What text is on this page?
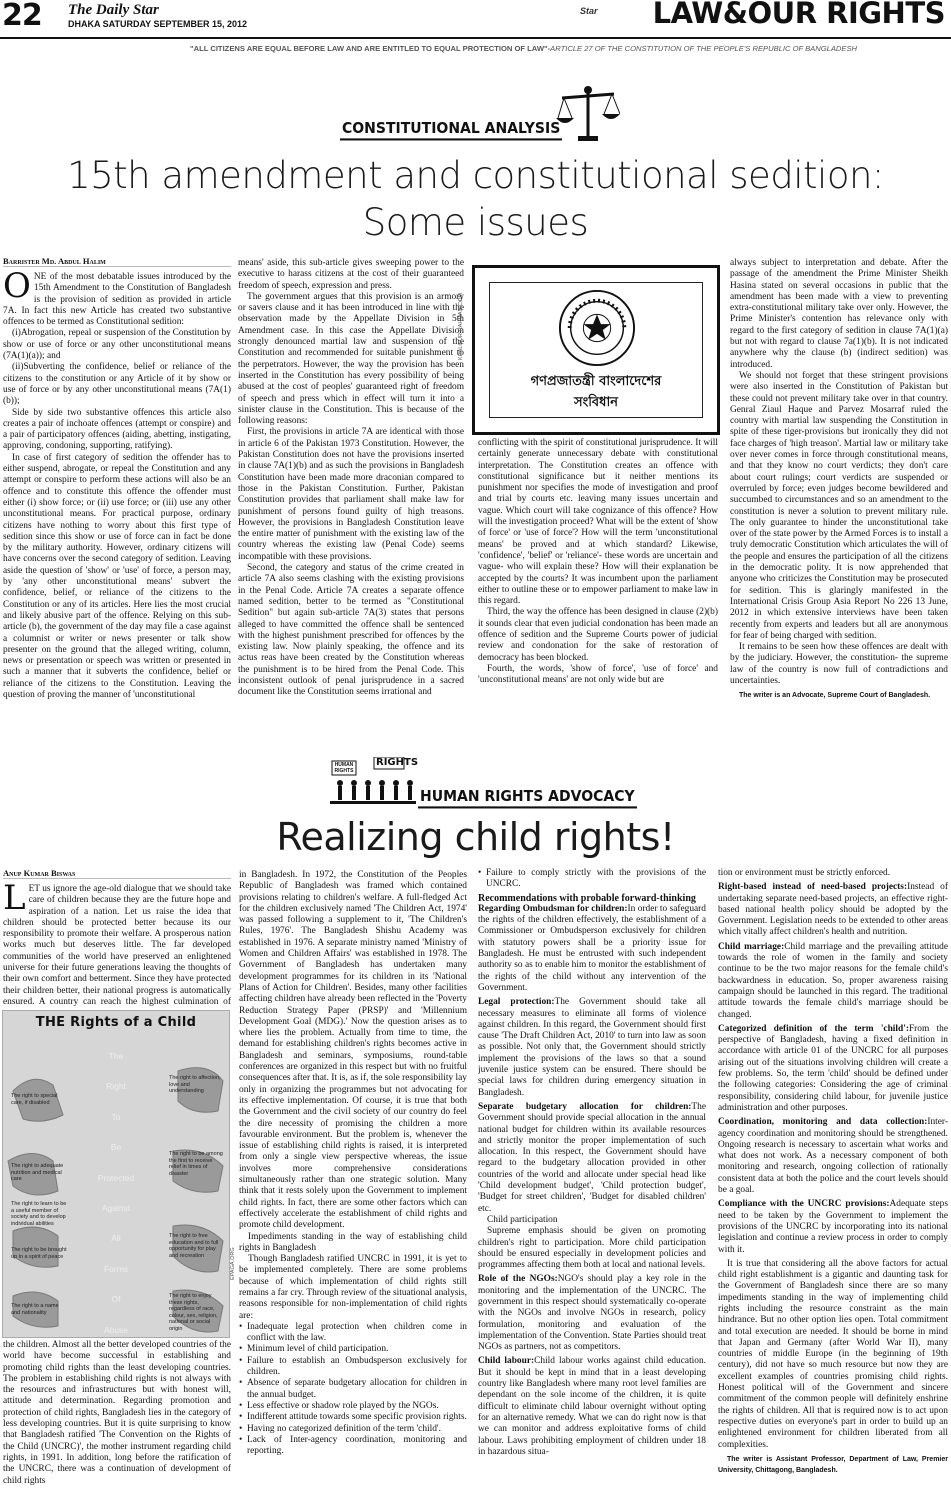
22 The Daily Star
DHAKA SATURDAY SEPTEMBER 15, 2012
Star LAW&OUR RIGHTS
"ALL CITIZENS ARE EQUAL BEFORE LAW AND ARE ENTITLED TO EQUAL PROTECTION OF LAW"-ARTICLE 27 OF THE CONSTITUTION OF THE PEOPLE'S REPUBLIC OF BANGLADESH
CONSTITUTIONAL ANALYSIS
15th amendment and constitutional sedition:
Some issues
Barrister Md. Abdul Halim

ONE of the most debatable issues introduced by the 15th Amendment to the Constitution of Bangladesh is the provision of sedition as provided in article 7A. In fact this new Article has created two substantive offences to be termed as Constitutional sedition:

(i)Abrogation, repeal or suspension of the Constitution by show or use of force or any other unconstitutional means (7A(1)(a)); and

(ii)Subverting the confidence, belief or reliance of the citizens to the constitution or any Article of it by show or use of force or by any other unconstitutional means (7A(1)(b));

Side by side two substantive offences this article also creates a pair of inchoate offences (attempt or conspire) and a pair of participatory offences (aiding, abetting, instigating, approving, condoning, supporting, ratifying).

In case of first category of sedition the offender has to either suspend, abrogate, or repeal the Constitution and any attempt or conspire to perform these actions will also be an offence and to constitute this offence the offender must either (i) show force; or (ii) use force; or (iii) use any other unconstitutional means. For practical purpose, ordinary citizens have nothing to worry about this first type of sedition since this show or use of force can in fact be done by the military authority. However, ordinary citizens will have concerns over the second category of sedition. Leaving aside the question of 'show' or 'use' of force, a person may, by 'any other unconstitutional means' subvert the confidence, belief, or reliance of the citizens to the Constitution or any of its articles. Here lies the most crucial and likely abusive part of the offence. Relying on this sub-article (b), the government of the day may file a case against a columnist or writer or news presenter or talk show presenter on the ground that the alleged writing, column, news or presentation or speech was written or presented in such a manner that it subverts the confidence, belief or reliance of the citizens to the Constitution. Leaving the question of proving the manner of 'unconstitutional

means' aside, this sub-article gives sweeping power to the executive to harass citizens at the cost of their guaranteed freedom of speech, expression and press.

The government argues that this provision is an armory or savers clause and it has been introduced in line with the observation made by the Appellate Division in 5th Amendment case. In this case the Appellate Division strongly denounced martial law and suspension of the Constitution and recommended for suitable punishment to the perpetrators. However, the way the provision has been inserted in the Constitution has every possibility of being abused at the cost of peoples' guaranteed right of freedom of speech and press which in effect will turn it into a sinister clause in the Constitution. This is because of the following reasons:

First, the provisions in article 7A are identical with those in article 6 of the Pakistan 1973 Constitution. However, the Pakistan Constitution does not have the provisions inserted in clause 7A(1)(b) and as such the provisions in Bangladesh Constitution have been made more draconian compared to those in the Pakistan Constitution. Further, Pakistan Constitution provides that parliament shall make law for punishment of persons found guilty of high treasons. However, the provisions in Bangladesh Constitution leave the entire matter of punishment with the existing law of the country whereas the existing law (Penal Code) seems incompatible with these provisions.

Second, the category and status of the crime created in article 7A also seems clashing with the existing provisions in the Penal Code. Article 7A creates a separate offence named sedition, better to be termed as "Constitutional Sedition" but again sub-article 7A(3) states that persons alleged to have committed the offence shall be sentenced with the highest punishment prescribed for offences by the existing law. Now plainly speaking, the offence and its actus reas have been created by the Constitution whereas the punishment is to be hired from the Penal Code. This inconsistent outlook of penal jurisprudence in a sacred document like the Constitution seems irrational and

গণপ্রজাতন্ত্রী বাংলাদেশের
সংবিধান
KHALILUR-RAHMAN.COM

conflicting with the spirit of constitutional jurisprudence. It will certainly generate unnecessary debate with constitutional interpretation. The Constitution creates an offence with constitutional significance but it neither mentions its punishment nor specifies the mode of investigation and proof and trial by courts etc. leaving many issues uncertain and vague. Which court will take cognizance of this offence? How will the investigation proceed? What will be the extent of 'show of force' or 'use of force'? How will the term 'unconstitutional means' be proved and at which standard? Likewise, 'confidence', 'belief' or 'reliance'- these words are uncertain and vague- who will explain these? How will their explanation be accepted by the courts? It was incumbent upon the parliament either to outline these or to empower parliament to make law in this regard.

Third, the way the offence has been designed in clause (2)(b) it sounds clear that even judicial condonation has been made an offence of sedition and the Supreme Courts power of judicial review and condonation for the sake of restoration of democracy has been blocked.

Fourth, the words, 'show of force', 'use of force' and 'unconstitutional means' are not only wide but are

always subject to interpretation and debate. After the passage of the amendment the Prime Minister Sheikh Hasina stated on several occasions in public that the amendment has been made with a view to preventing extra-constitutional military take over only. However, the Prime Minister's contention has relevance only with regard to the first category of sedition in clause 7A(1)(a) but not with regard to clause 7a(1)(b). It is not indicated anywhere why the clause (b) (indirect sedition) was introduced.

We should not forget that these stringent provisions were also inserted in the Constitution of Pakistan but these could not prevent military take over in that country. Genral Ziaul Haque and Parvez Mosarraf ruled the country with martial law suspending the Constitution in spite of these tiger-provisions but ironically they did not face charges of 'high treason'. Martial law or military take over never comes in force through constitutional means, and that they know no court verdicts; they don't care about court rulings; court verdicts are suspended or overruled by force; even judges become bewildered and succumbed to circumstances and so an amendment to the constitution is never a solution to prevent military rule. The only guarantee to hinder the unconstitutional take over of the state power by the Armed Forces is to install a truly democratic Constitution which articulates the will of the people and ensures the participation of all the citizens in the democratic polity. It is now apprehended that anyone who criticizes the Constitution may be prosecuted for sedition. This is glaringly manifested in the International Crisis Group Asia Report No 226 13 June, 2012 in which extensive interviews have been taken recently from experts and leaders but all are anonymous for fear of being charged with sedition.

It remains to be seen how these offences are dealt with by the judiciary. However, the constitution- the supreme law of the country is now full of contradictions and uncertainties.

The writer is an Advocate, Supreme Court of Bangladesh.

HUMAN RIGHTS
RIGHTS
HUMAN RIGHTS ADVOCACY
Realizing child rights!
Anup Kumar Biswas

LET us ignore the age-old dialogue that we should take care of children because they are the future hope and aspiration of a nation. Let us raise the idea that children should be protected better because its our responsibility to promote their welfare. A prosperous nation works much but deserves little. The far developed communities of the world have preserved an enlightened universe for their future generations leaving the thoughts of their own comfort and betterment. Since they have protected their children better, their national progress is automatically ensured. A country can reach the highest culmination of

THE Rights of a Child
The
Right
To
Be
Protected
Against
All
Forms
Of
Abuse
The right to special care, if disabled
The right to adequate nutrition and medical care
The right to learn to be a useful member of society and to develop individual abilities
The right to be brought up in a spirit of peace
The right to a name and nationality
The right to affection, love and understanding
The right to be among the first to receive relief in times of disaster
The right to free education and to full opportunity for play and recreation
The right to enjoy these rights, regardless of race, colour, sex, religion, national or social origin
EPAGA.ORG

the children. Almost all the better developed countries of the world have become successful in establishing and promoting child rights than the least developing countries. The problem in establishing child rights is not always with the resources and infrastructures but with honest will, attitude and determination. Regarding promotion and protection of child rights, Bangladesh lies in the category of less developing countries. But it is quite surprising to know that Bangladesh ratified 'The Convention on the Rights of the Child (UNCRC)', the mother instrument regarding child rights, in 1991. In addition, long before the ratification of the UNCRC, there was a continuation of development of child rights

in Bangladesh. In 1972, the Constitution of the Peoples Republic of Bangladesh was framed which contained provisions relating to children's welfare. A full-fledged Act for the children exclusively named 'The Children Act, 1974' was passed following a supplement to it, 'The Children's Rules, 1976'. The Bangladesh Shishu Academy was established in 1976. A separate ministry named 'Ministry of Women and Children Affairs' was established in 1978. The Government of Bangladesh has undertaken many development programmes for its children in its 'National Plans of Action for Children'. Besides, many other facilities affecting children have already been reflected in the 'Poverty Reduction Strategy Paper (PRSP)' and 'Millennium Development Goal (MDG).' Now the question arises as to where lies the problem. Actually from time to time, the demand for establishing children's rights becomes active in Bangladesh and seminars, symposiums, round-table conferences are organized in this respect but with no fruitful consequences after that. It is, as if, the sole responsibility lay only in organizing the programmes but not advocating for its effective implementation. Of course, it is true that both the Government and the civil society of our country do feel the dire necessity of promising the children a more favourable environment. But the problem is, whenever the issue of establishing child rights is raised, it is interpreted from only a single view perspective whereas, the issue involves more comprehensive considerations simultaneously rather than one strategic solution. Many think that it rests solely upon the Government to implement child rights. In fact, there are some other factors which can effectively accelerate the establishment of child rights and promote child development.

Impediments standing in the way of establishing child rights in Bangladesh

Though Bangladesh ratified UNCRC in 1991, it is yet to be implemented completely. There are some problems because of which implementation of child rights still remains a far cry. Through review of the situational analysis, reasons responsible for non-implementation of child rights are:

• Inadequate legal protection when children come in conflict with the law.
• Minimum level of child participation.
• Failure to establish an Ombudsperson exclusively for children.
• Absence of separate budgetary allocation for children in the annual budget.
• Less effective or shadow role played by the NGOs.
• Indifferent attitude towards some specific provision rights.
• Having no categorized definition of the term 'child'.
• Lack of Inter-agency coordination, monitoring and reporting.
• Failure to comply strictly with the provisions of the UNCRC.
Recommendations with probable forward-thinking

Regarding Ombudsman for children:In order to safeguard the rights of the children effectively, the establishment of a Commissioner or Ombudsperson exclusively for children with statutory powers shall be a priority issue for Bangladesh. He must be entrusted with such independent authority so as to enable him to monitor the establishment of the rights of the child without any intervention of the Government.

Legal protection:The Government should take all necessary measures to eliminate all forms of violence against children. In this regard, the Government should first cause 'The Draft Children Act, 2010' to turn into law as soon as possible. Not only that, the Government should strictly implement the provisions of the laws so that a sound juvenile justice system can be ensured. There should be special laws for children during emergency situation in Bangladesh.

Separate budgetary allocation for children:The Government should provide special allocation in the annual national budget for children within its available resources and strictly monitor the proper implementation of such allocation. In this respect, the Government should have regard to the budgetary allocation provided in other countries of the world and allocate under special head like 'Child development budget', 'Child protection budget', 'Budget for street children', 'Budget for disabled children' etc.

Child participation

Supreme emphasis should be given on promoting children's right to participation. More child participation should be ensured especially in development policies and programmes affecting them both at local and national levels.

Role of the NGOs:NGO's should play a key role in the monitoring and the implementation of the UNCRC. The government in this respect should systematically co-operate with the NGOs and involve NGOs in research, policy formulation, monitoring and evaluation of the implementation of the Convention. State Parties should treat NGOs as partners, not as competitors.

Child labour:Child labour works against child education. But it should be kept in mind that in a least developing country like Bangladesh where many root level families are dependant on the sole income of the children, it is quite difficult to eliminate child labour overnight without opting for an alternative remedy. What we can do right now is that we can monitor and address exploitative forms of child labour. Laws prohibiting employment of children under 18 in hazardous situa-

tion or environment must be strictly enforced.

Right-based instead of need-based projects:Instead of undertaking separate need-based projects, an effective right-based national health policy should be adopted by the Government. Legislation needs to be extended to other areas which vitally affect children's health and nutrition.

Child marriage:Child marriage and the prevailing attitude towards the role of women in the family and society continue to be the two major reasons for the female child's backwardness in education. So, proper awareness raising campaign should be launched in this regard. The traditional attitude towards the female child's marriage should be changed.

Categorized definition of the term 'child':From the perspective of Bangladesh, having a fixed definition in accordance with article 01 of the UNCRC for all purposes arising out of the situations involving children will create a few problems. So, the term 'child' should be defined under the following categories: Considering the age of criminal responsibility, considering child labour, for juvenile justice administration and other purposes.

Coordination, monitoring and data collection:Inter-agency coordination and monitoring should be strengthened. Ongoing research is necessary to ascertain what works and what does not work. As a necessary component of both monitoring and research, ongoing collection of rationally consistent data at both the police and the court levels should be a goal.

Compliance with the UNCRC provisions:Adequate steps need to be taken by the Government to implement the provisions of the UNCRC by incorporating into its national legislation and continue a review process in order to comply with it.

It is true that considering all the above factors for actual child right establishment is a gigantic and daunting task for the Government of Bangladesh since there are so many impediments standing in the way of implementing child rights including the resource constraint as the main hindrance. But no other option lies open. Total commitment and total execution are needed. It should be borne in mind that Japan and Germany (after World War II), many countries of middle Europe (in the beginning of 19th century), did not have so much resource but now they are excellent examples of countries promising child rights. Honest political will of the Government and sincere commitment of the common people will definitely enshrine the rights of children. All that is required now is to act upon respective duties on everyone's part in order to build up an enlightened environment for children liberated from all complexities.

The writer is Assistant Professor, Department of Law, Premier University, Chittagong, Bangladesh.
